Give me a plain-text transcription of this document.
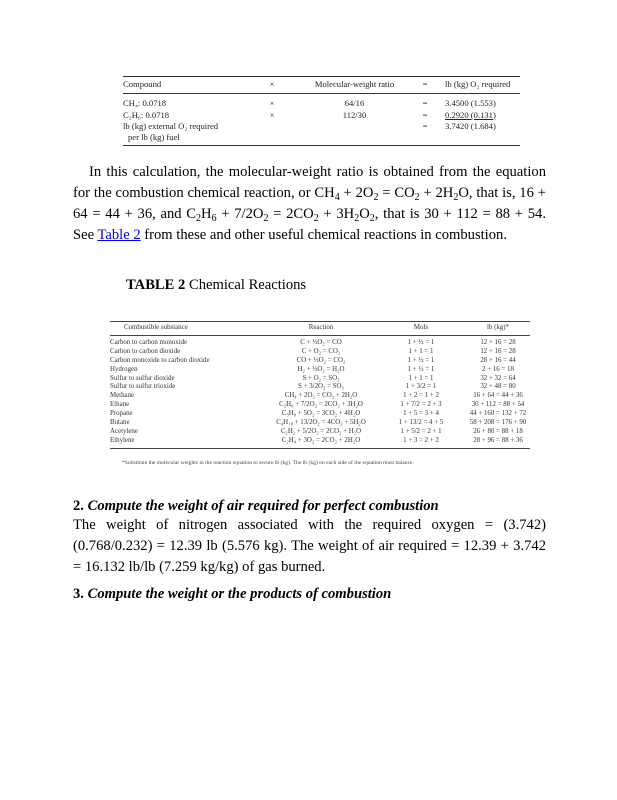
Compound	×	Molecular-weight ratio	=	lb (kg) O₂ required
CH₄: 0.0718	×	64/16	=	3.4500 (1.553)
C₂H₆: 0.0718	×	112/30	=	0.2920 (0.131)
lb (kg) external O₂ required			=	3.7420 (1.684)
per lb (kg) fuel				

In this calculation, the molecular-weight ratio is obtained from the equation for the combustion chemical reaction, or $CH_4 + 2O_2 = CO_2 + 2H_2O$, that is, 16 + 64 = 44 + 36, and $C_2H_6 + 7/2O_2 = 2CO_2 + 3H_2O_2$, that is 30 + 112 = 88 + 54. See Table 2 from these and other useful chemical reactions in combustion.

TABLE 2 Chemical Reactions
Combustible substance	Reaction	Mols	lb (kg)*
Carbon to carbon monoxide	C + ½O₂ = CO	1 + ½ = 1	12 + 16 = 28
Carbon to carbon dioxide	C + O₂ = CO₂	1 + 1 = 1	12 + 16 = 28
Carbon monoxide to carbon dioxide	CO + ½O₂ = CO₂	1 + ½ = 1	28 + 16 = 44
Hydrogen	H₂ + ½O₂ = H₂O	1 + ½ = 1	2 + 16 = 18
Sulfur to sulfur dioxide	S + O₂ = SO₂	1 + 1 = 1	32 + 32 = 64
Sulfur to sulfur trioxide	S + 3/2O₂ = SO₃	1 + 3/2 = 1	32 + 48 = 80
Methane	CH₄ + 2O₂ = CO₂ + 2H₂O	1 + 2 = 1 + 2	16 + 64 = 44 + 36
Ethane	C₂H₆ + 7/2O₂ = 2CO₂ + 3H₂O	1 + 7/2 = 2 + 3	30 + 112 = 88 + 54
Propane	C₃H₈ + 5O₂ = 3CO₂ + 4H₂O	1 + 5 = 3 + 4	44 + 160 = 132 + 72
Butane	C₄H₁₀ + 13/2O₂ = 4CO₂ + 5H₂O	1 + 13/2 = 4 + 5	58 + 208 = 176 + 90
Acetylene	C₂H₂ + 5/2O₂ = 2CO₂ + H₂O	1 + 5/2 = 2 + 1	26 + 80 = 88 + 18
Ethylene	C₂H₄ + 3O₂ = 2CO₂ + 2H₂O	1 + 3 = 2 + 2	28 + 96 = 88 + 36
*Substitute the molecular weights in the reaction equation to secure lb (kg). The lb (kg) on each side of the equation must balance.
2. Compute the weight of air required for perfect combustion

The weight of nitrogen associated with the required oxygen = (3.742) (0.768/0.232) = 12.39 lb (5.576 kg). The weight of air required = 12.39 + 3.742 = 16.132 lb/lb (7.259 kg/kg) of gas burned.

3. Compute the weight or the products of combustion
